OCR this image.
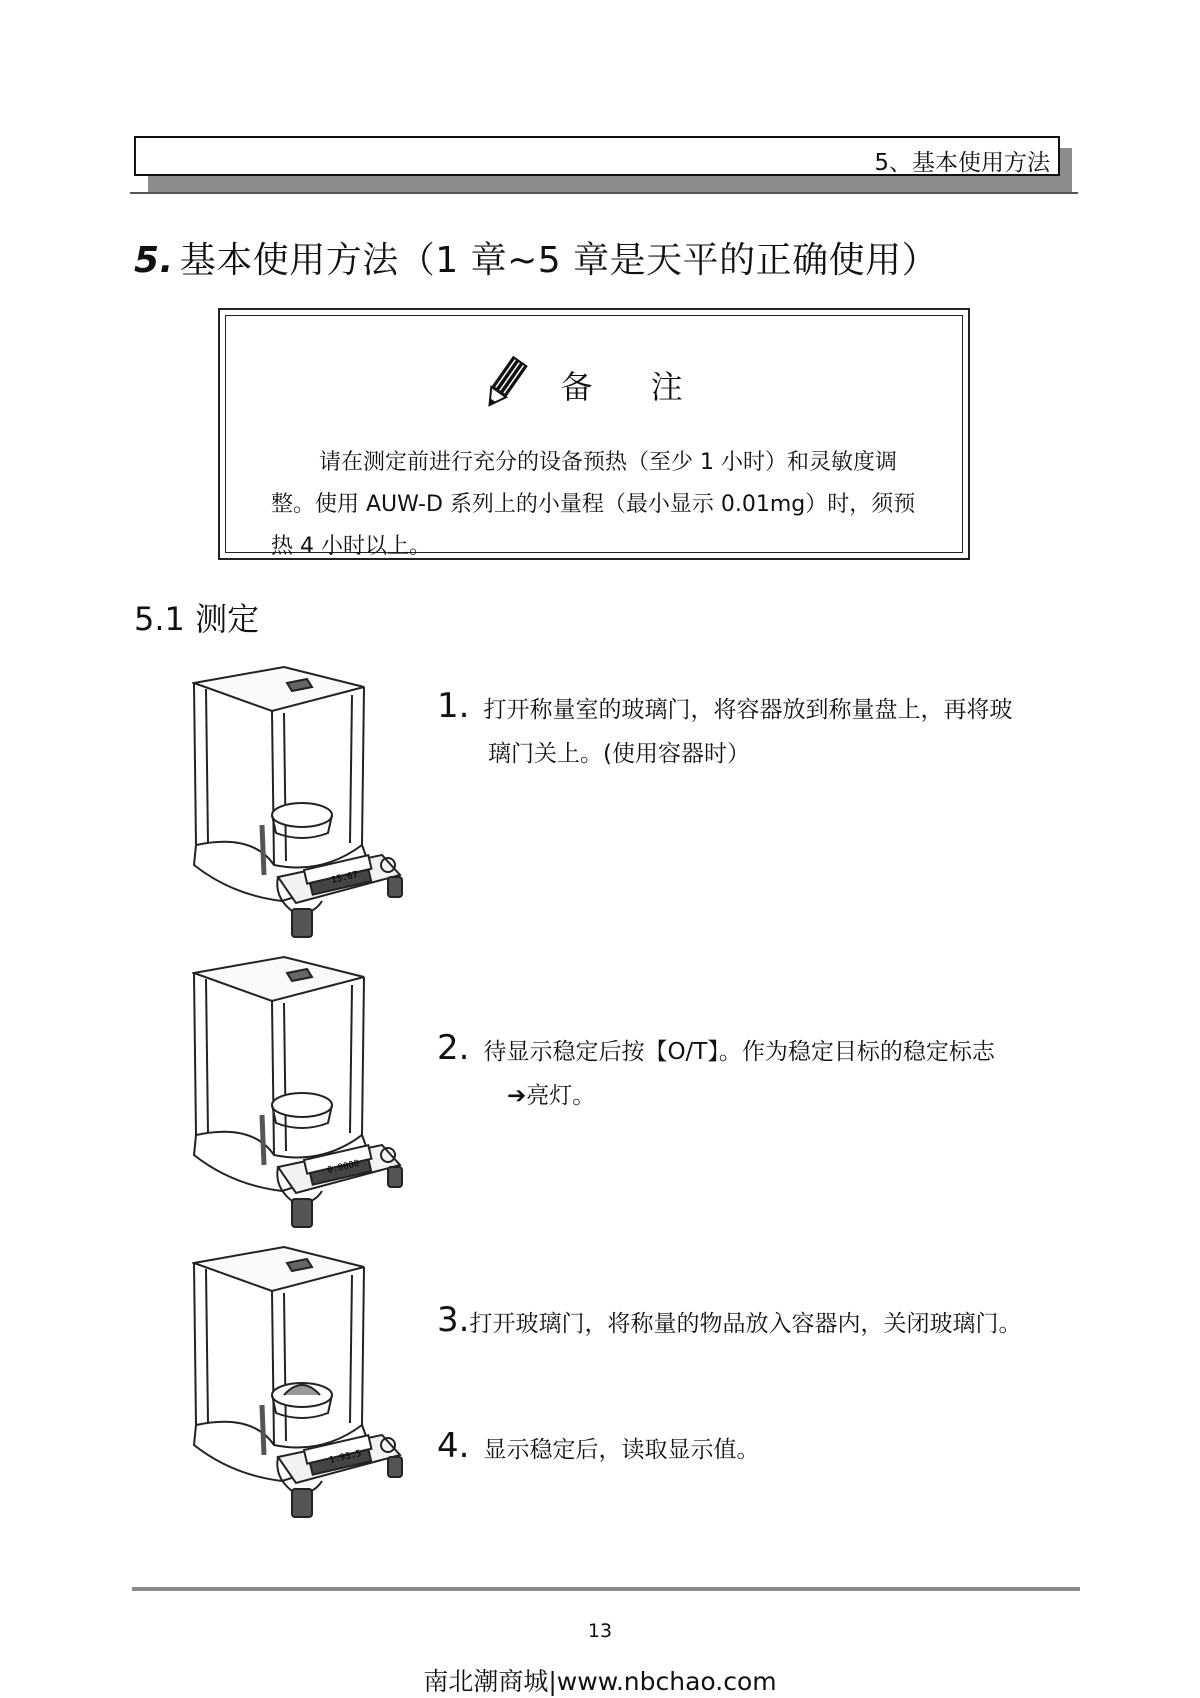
5、基本使用方法
5. 基本使用方法（1 章~5 章是天平的正确使用）
备 注

请在测定前进行充分的设备预热（至少 1 小时）和灵敏度调整。使用 AUW-D 系列上的小量程（最小显示 0.01mg）时，须预热 4 小时以上。

5.1 测定
15.67
0.0000
1.93.5
1. 打开称量室的玻璃门，将容器放到称量盘上，再将玻
璃门关上。(使用容器时）
2. 待显示稳定后按【O/T】。作为稳定目标的稳定标志
➔亮灯。
3.打开玻璃门，将称量的物品放入容器内，关闭玻璃门。
4. 显示稳定后，读取显示值。
13
南北潮商城|www.nbchao.com
